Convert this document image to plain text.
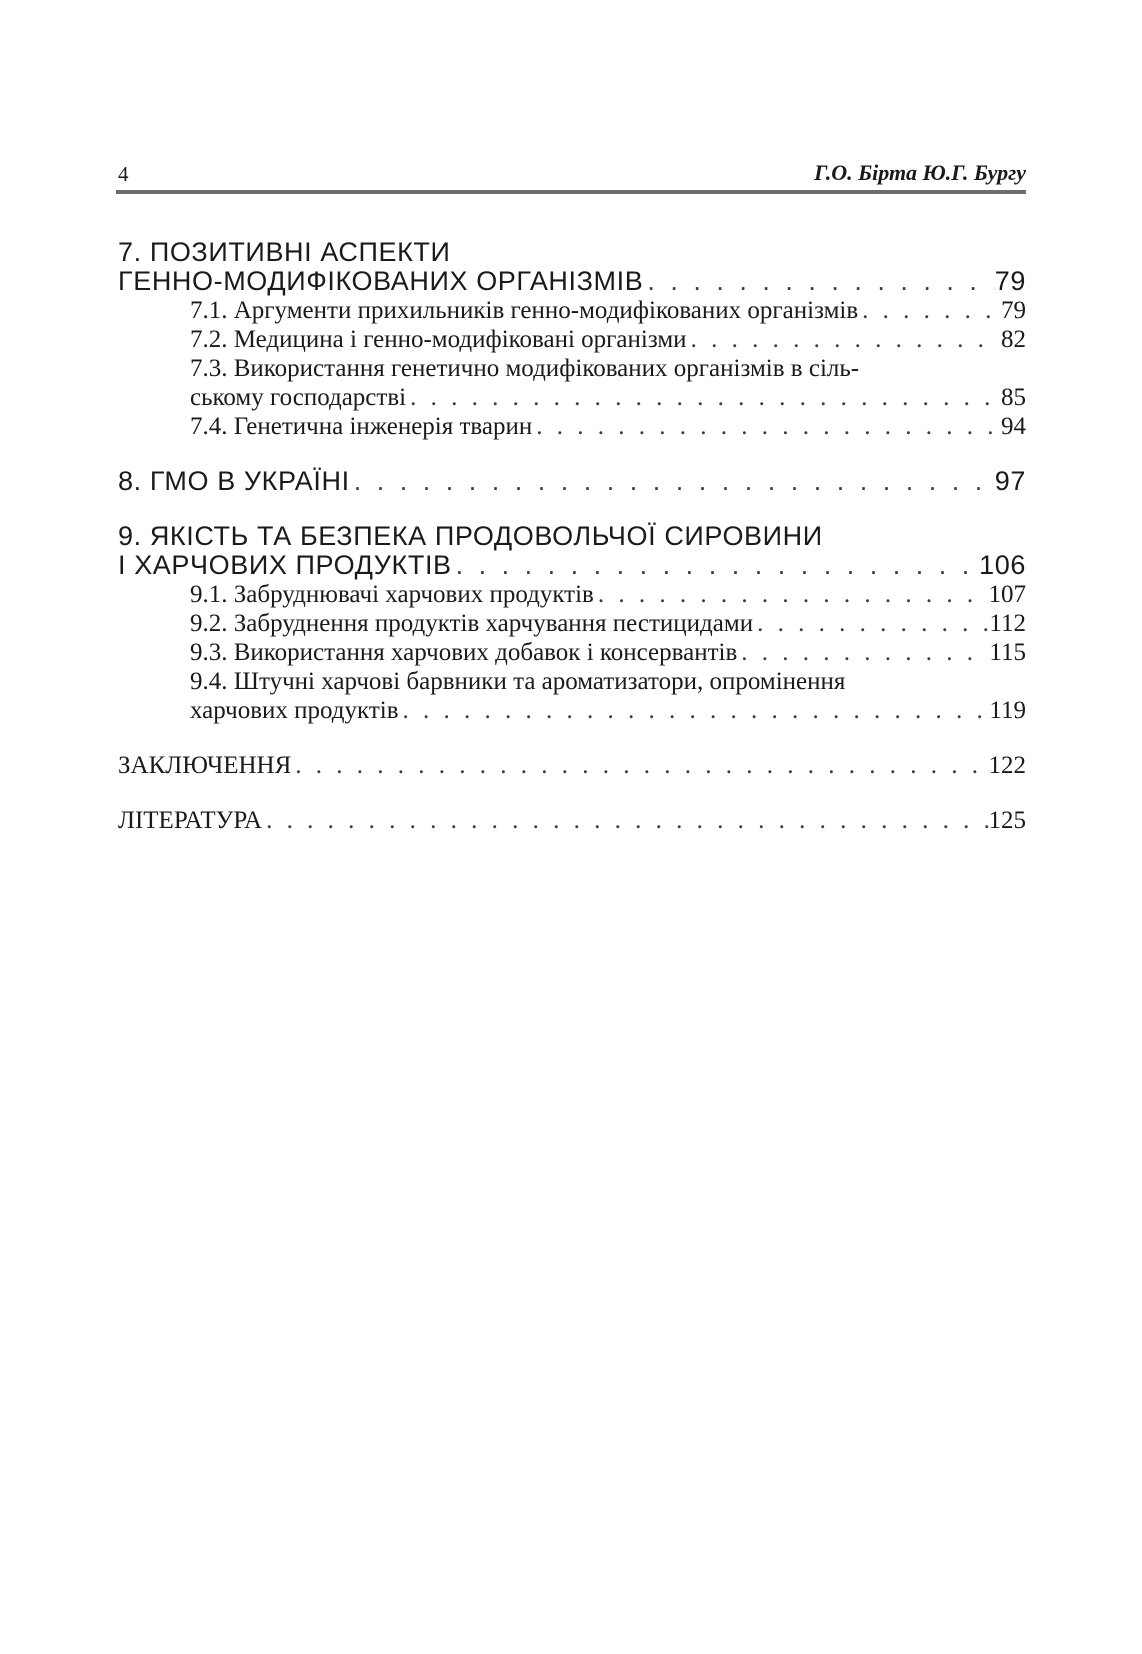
4	Г.О. Бірта Ю.Г. Бургу
7. ПОЗИТИВНІ АСПЕКТИ
ГЕННО-МОДИФІКОВАНИХ ОРГАНІЗМІВ . . .	79
7.1. Аргументи прихильників генно-модифікованих організмів . . .	79
7.2. Медицина і генно-модифіковані організми . . .	82
7.3. Використання генетично модифікованих організмів в сіль-
ському господарстві . . .	85
7.4. Генетична інженерія тварин . . .	94
8. ГМО В УКРАЇНІ . . .	97
9. ЯКІСТЬ ТА БЕЗПЕКА ПРОДОВОЛЬЧОЇ СИРОВИНИ
І ХАРЧОВИХ ПРОДУКТІВ . . .	106
9.1. Забруднювачі харчових продуктів . . .	107
9.2. Забруднення продуктів харчування пестицидами . . .	112
9.3. Використання харчових добавок і консервантів . . .	115
9.4. Штучні харчові барвники та ароматизатори, опромінення
харчових продуктів . . .	119
ЗАКЛЮЧЕННЯ . . .	122
ЛІТЕРАТУРА . . .	125
